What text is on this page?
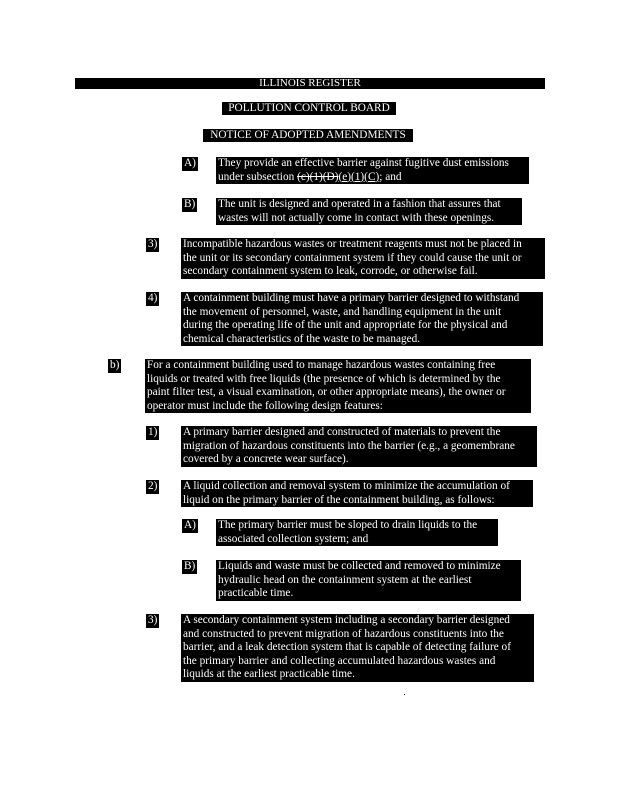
ILLINOIS REGISTER
POLLUTION CONTROL BOARD
NOTICE OF ADOPTED AMENDMENTS
A) They provide an effective barrier against fugitive dust emissions
under subsection (c)(1)(D)(e)(1)(C); and
B) The unit is designed and operated in a fashion that assures that
wastes will not actually come in contact with these openings.
3) Incompatible hazardous wastes or treatment reagents must not be placed in
the unit or its secondary containment system if they could cause the unit or
secondary containment system to leak, corrode, or otherwise fail.
4) A containment building must have a primary barrier designed to withstand
the movement of personnel, waste, and handling equipment in the unit
during the operating life of the unit and appropriate for the physical and
chemical characteristics of the waste to be managed.
b) For a containment building used to manage hazardous wastes containing free
liquids or treated with free liquids (the presence of which is determined by the
paint filter test, a visual examination, or other appropriate means), the owner or
operator must include the following design features:
1) A primary barrier designed and constructed of materials to prevent the
migration of hazardous constituents into the barrier (e.g., a geomembrane
covered by a concrete wear surface).
2) A liquid collection and removal system to minimize the accumulation of
liquid on the primary barrier of the containment building, as follows:
A) The primary barrier must be sloped to drain liquids to the
associated collection system; and
B) Liquids and waste must be collected and removed to minimize
hydraulic head on the containment system at the earliest
practicable time.
3) A secondary containment system including a secondary barrier designed
and constructed to prevent migration of hazardous constituents into the
barrier, and a leak detection system that is capable of detecting failure of
the primary barrier and collecting accumulated hazardous wastes and
liquids at the earliest practicable time.
